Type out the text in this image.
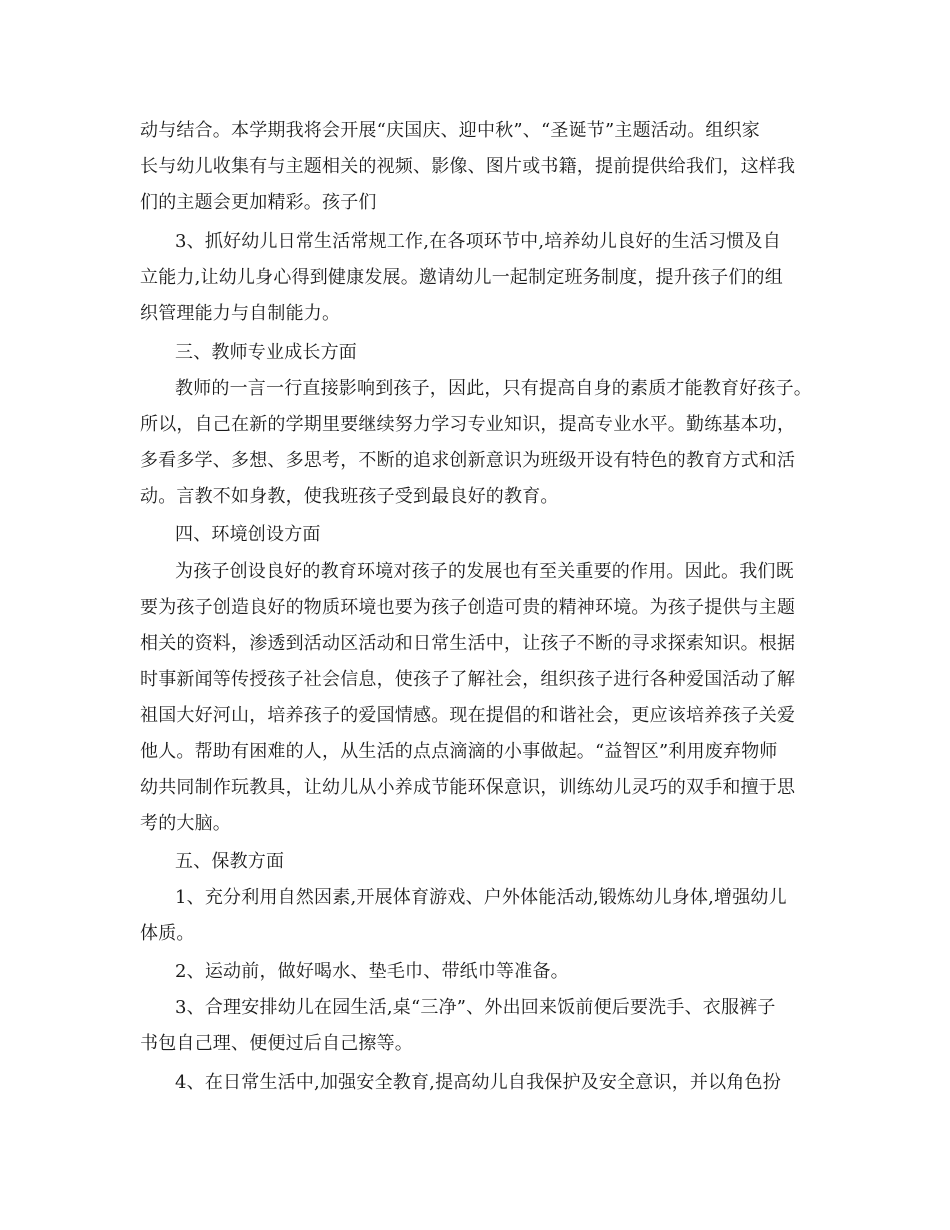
动与结合。本学期我将会开展“庆国庆、迎中秋”、“圣诞节”主题活动。组织家
长与幼儿收集有与主题相关的视频、影像、图片或书籍，提前提供给我们，这样我
们的主题会更加精彩。孩子们
3、抓好幼儿日常生活常规工作,在各项环节中,培养幼儿良好的生活习惯及自
立能力,让幼儿身心得到健康发展。邀请幼儿一起制定班务制度，提升孩子们的组
织管理能力与自制能力。
三、教师专业成长方面
教师的一言一行直接影响到孩子，因此，只有提高自身的素质才能教育好孩子。
所以，自己在新的学期里要继续努力学习专业知识，提高专业水平。勤练基本功，
多看多学、多想、多思考，不断的追求创新意识为班级开设有特色的教育方式和活
动。言教不如身教，使我班孩子受到最良好的教育。
四、环境创设方面
为孩子创设良好的教育环境对孩子的发展也有至关重要的作用。因此。我们既
要为孩子创造良好的物质环境也要为孩子创造可贵的精神环境。为孩子提供与主题
相关的资料，渗透到活动区活动和日常生活中，让孩子不断的寻求探索知识。根据
时事新闻等传授孩子社会信息，使孩子了解社会，组织孩子进行各种爱国活动了解
祖国大好河山，培养孩子的爱国情感。现在提倡的和谐社会，更应该培养孩子关爱
他人。帮助有困难的人，从生活的点点滴滴的小事做起。“益智区”利用废弃物师
幼共同制作玩教具，让幼儿从小养成节能环保意识，训练幼儿灵巧的双手和擅于思
考的大脑。
五、保教方面
1、充分利用自然因素,开展体育游戏、户外体能活动,锻炼幼儿身体,增强幼儿
体质。
2、运动前，做好喝水、垫毛巾、带纸巾等准备。
3、合理安排幼儿在园生活,桌“三净”、外出回来饭前便后要洗手、衣服裤子
书包自己理、便便过后自己擦等。
4、在日常生活中,加强安全教育,提高幼儿自我保护及安全意识，并以角色扮
